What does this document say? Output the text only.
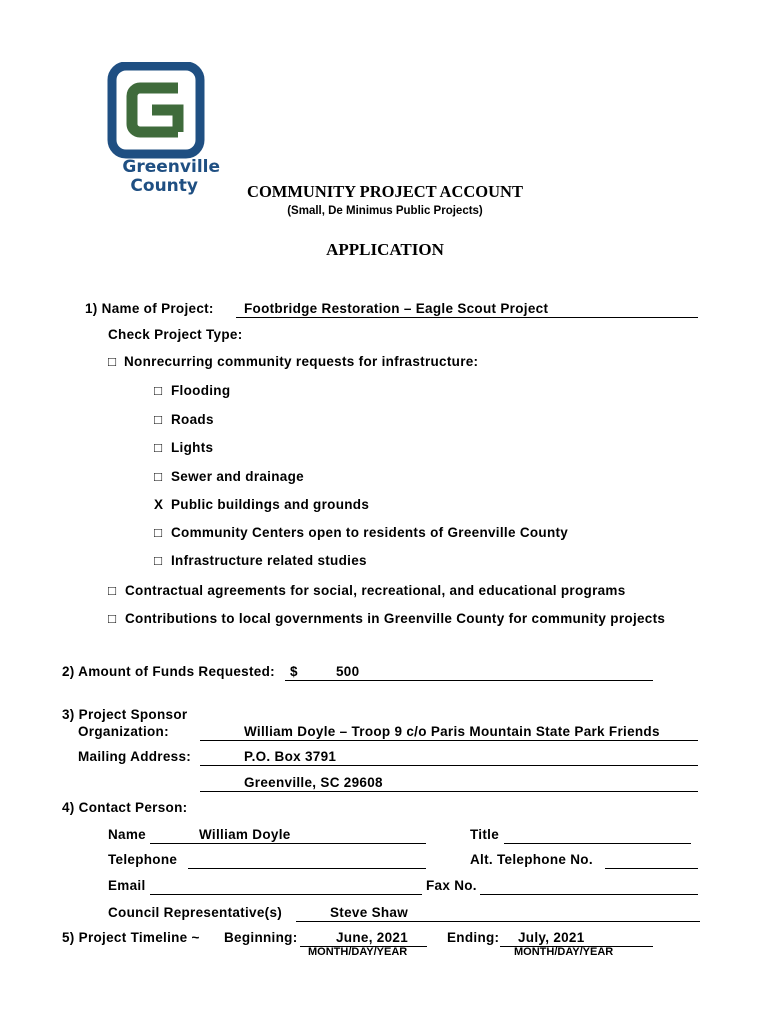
Greenville
County	COMMUNITY PROJECT ACCOUNT
(Small, De Minimus Public Projects)
APPLICATION
1) Name of Project: Footbridge Restoration – Eagle Scout Project
Check Project Type:
□ Nonrecurring community requests for infrastructure:
□ Flooding
□ Roads
□ Lights
□ Sewer and drainage
X Public buildings and grounds
□ Community Centers open to residents of Greenville County
□ Infrastructure related studies
□ Contractual agreements for social, recreational, and educational programs
□ Contributions to local governments in Greenville County for community projects
2) Amount of Funds Requested: $	500
3) Project Sponsor
Organization:	William Doyle – Troop 9 c/o Paris Mountain State Park Friends
Mailing Address:	P.O. Box 3791
Greenville, SC 29608
4) Contact Person:
Name	William Doyle	Title
Telephone	Alt. Telephone No.
Email	Fax No.
Council Representative(s)	Steve Shaw
5) Project Timeline ~ Beginning:	June, 2021
MONTH/DAY/YEAR
Ending: July, 2021
MONTH/DAY/YEAR
